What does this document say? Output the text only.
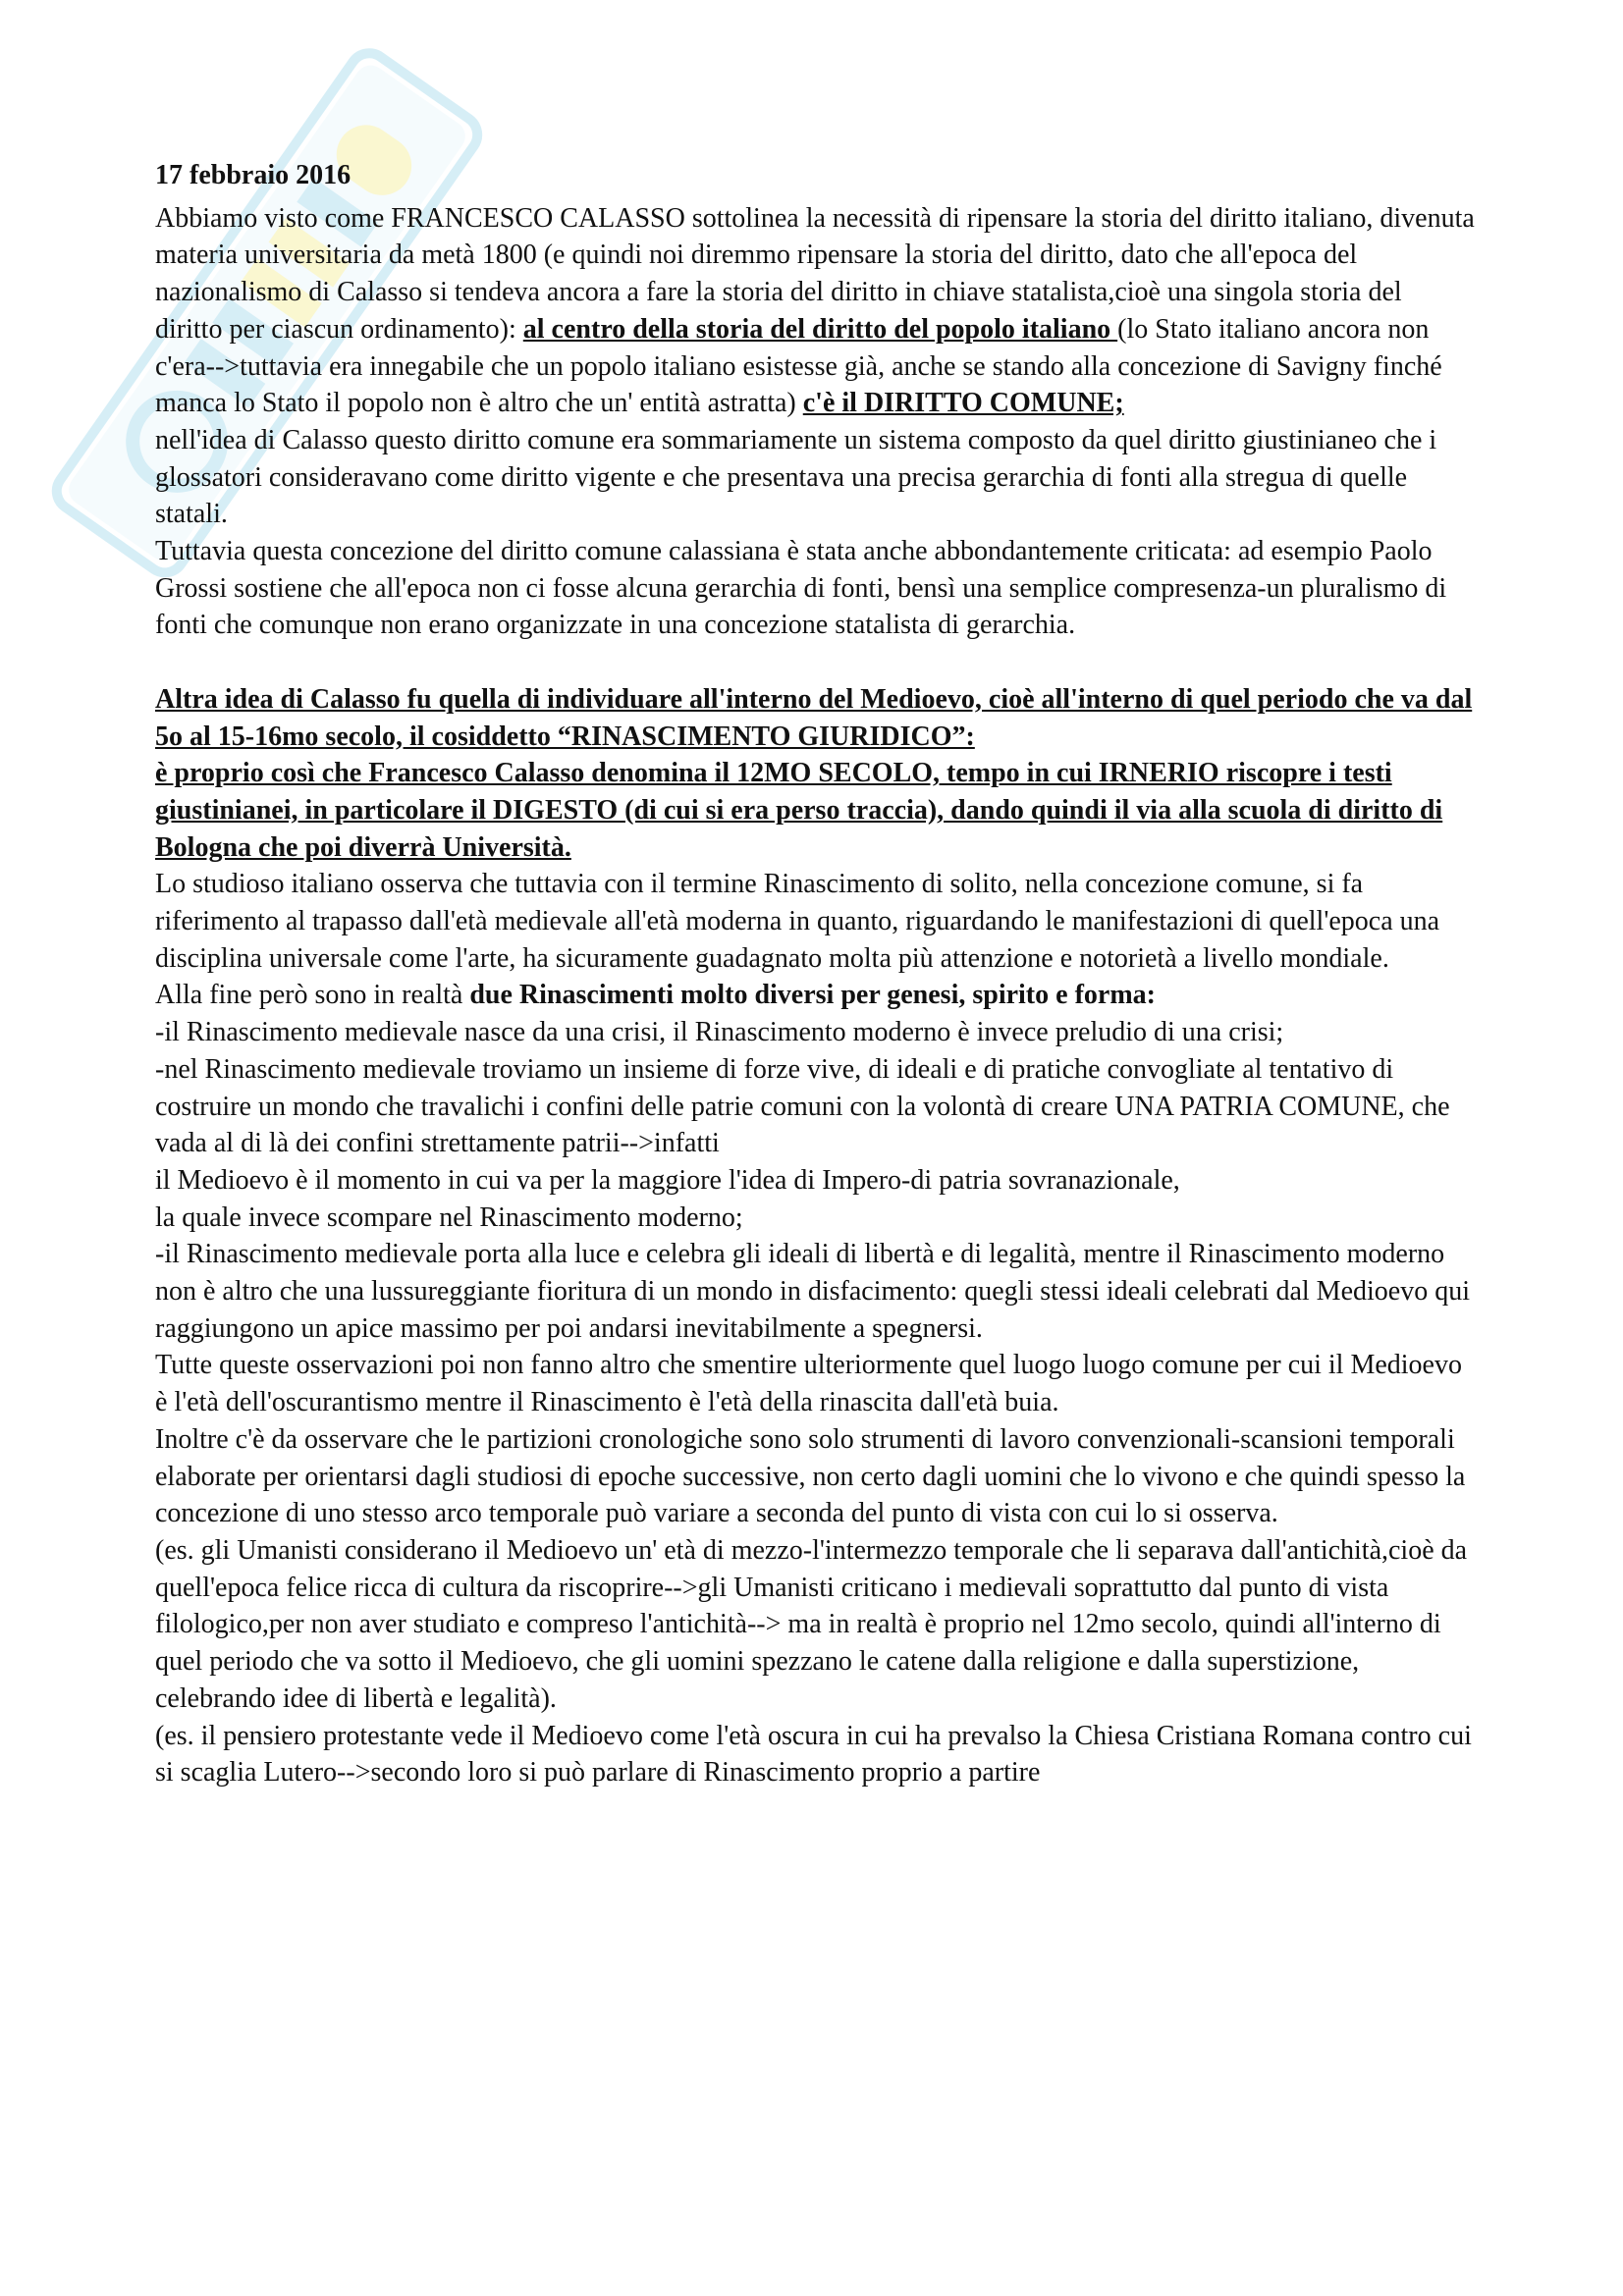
17 febbraio 2016

Abbiamo visto come FRANCESCO CALASSO sottolinea la necessità di ripensare la storia del diritto italiano, divenuta materia universitaria da metà 1800 (e quindi noi diremmo ripensare la storia del diritto, dato che all'epoca del nazionalismo di Calasso si tendeva ancora a fare la storia del diritto in chiave statalista,cioè una singola storia del diritto per ciascun ordinamento): al centro della storia del diritto del popolo italiano (lo Stato italiano ancora non c'era-->tuttavia era innegabile che un popolo italiano esistesse già, anche se stando alla concezione di Savigny finché manca lo Stato il popolo non è altro che un' entità astratta) c'è il DIRITTO COMUNE;

nell'idea di Calasso questo diritto comune era sommariamente un sistema composto da quel diritto giustinianeo che i glossatori consideravano come diritto vigente e che presentava una precisa gerarchia di fonti alla stregua di quelle statali.

Tuttavia questa concezione del diritto comune calassiana è stata anche abbondantemente criticata: ad esempio Paolo Grossi sostiene che all'epoca non ci fosse alcuna gerarchia di fonti, bensì una semplice compresenza-un pluralismo di fonti che comunque non erano organizzate in una concezione statalista di gerarchia.

Altra idea di Calasso fu quella di individuare all'interno del Medioevo, cioè all'interno di quel periodo che va dal 5o al 15-16mo secolo, il cosiddetto “RINASCIMENTO GIURIDICO”:

è proprio così che Francesco Calasso denomina il 12MO SECOLO, tempo in cui IRNERIO riscopre i testi giustinianei, in particolare il DIGESTO (di cui si era perso traccia), dando quindi il via alla scuola di diritto di Bologna che poi diverrà Università.

Lo studioso italiano osserva che tuttavia con il termine Rinascimento di solito, nella concezione comune, si fa riferimento al trapasso dall'età medievale all'età moderna in quanto, riguardando le manifestazioni di quell'epoca una disciplina universale come l'arte, ha sicuramente guadagnato molta più attenzione e notorietà a livello mondiale.

Alla fine però sono in realtà due Rinascimenti molto diversi per genesi, spirito e forma:

-il Rinascimento medievale nasce da una crisi, il Rinascimento moderno è invece preludio di una crisi;

-nel Rinascimento medievale troviamo un insieme di forze vive, di ideali e di pratiche convogliate al tentativo di costruire un mondo che travalichi i confini delle patrie comuni con la volontà di creare UNA PATRIA COMUNE, che vada al di là dei confini strettamente patrii-->infatti

il Medioevo è il momento in cui va per la maggiore l'idea di Impero-di patria sovranazionale,

la quale invece scompare nel Rinascimento moderno;

-il Rinascimento medievale porta alla luce e celebra gli ideali di libertà e di legalità, mentre il Rinascimento moderno non è altro che una lussureggiante fioritura di un mondo in disfacimento: quegli stessi ideali celebrati dal Medioevo qui raggiungono un apice massimo per poi andarsi inevitabilmente a spegnersi.

Tutte queste osservazioni poi non fanno altro che smentire ulteriormente quel luogo luogo comune per cui il Medioevo è l'età dell'oscurantismo mentre il Rinascimento è l'età della rinascita dall'età buia.

Inoltre c'è da osservare che le partizioni cronologiche sono solo strumenti di lavoro convenzionali-scansioni temporali elaborate per orientarsi dagli studiosi di epoche successive, non certo dagli uomini che lo vivono e che quindi spesso la concezione di uno stesso arco temporale può variare a seconda del punto di vista con cui lo si osserva.

(es. gli Umanisti considerano il Medioevo un' età di mezzo-l'intermezzo temporale che li separava dall'antichità,cioè da quell'epoca felice ricca di cultura da riscoprire-->gli Umanisti criticano i medievali soprattutto dal punto di vista filologico,per non aver studiato e compreso l'antichità--> ma in realtà è proprio nel 12mo secolo, quindi all'interno di quel periodo che va sotto il Medioevo, che gli uomini spezzano le catene dalla religione e dalla superstizione, celebrando idee di libertà e legalità).

(es. il pensiero protestante vede il Medioevo come l'età oscura in cui ha prevalso la Chiesa Cristiana Romana contro cui si scaglia Lutero-->secondo loro si può parlare di Rinascimento proprio a partire
